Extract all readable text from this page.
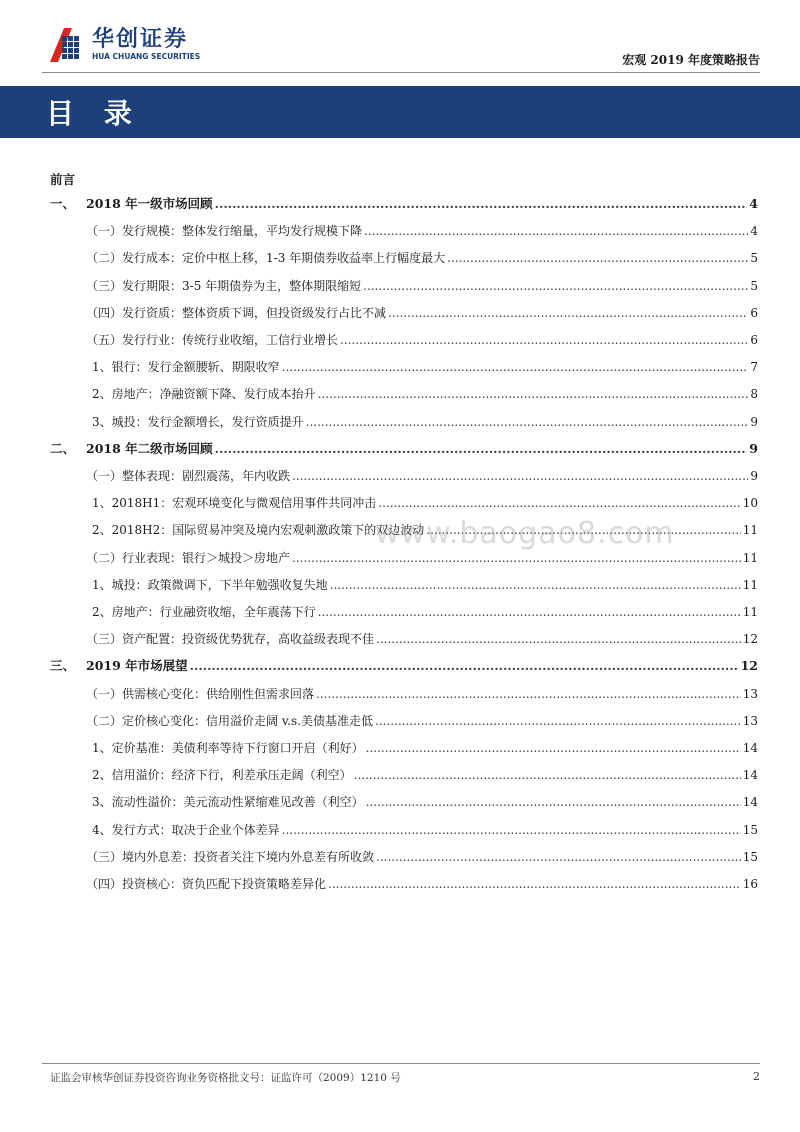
华创证券
HUA CHUANG SECURITIES	宏观 2019 年度策略报告
目 录
前言
一、 2018 年一级市场回顾 .....	4
（一）发行规模：整体发行缩量，平均发行规模下降 .....	4
（二）发行成本：定价中枢上移，1-3 年期债券收益率上行幅度最大 .....	5
（三）发行期限：3-5 年期债券为主，整体期限缩短 .....	5
（四）发行资质：整体资质下调，但投资级发行占比不减 .....	6
（五）发行行业：传统行业收缩，工信行业增长 .....	6
1、银行：发行金额腰斩、期限收窄 .....	7
2、房地产：净融资额下降、发行成本抬升 .....	8
3、城投：发行金额增长，发行资质提升 .....	9
二、 2018 年二级市场回顾 .....	9
（一）整体表现：剧烈震荡，年内收跌 .....	9
1、2018H1：宏观环境变化与微观信用事件共同冲击 .....	10
2、2018H2：国际贸易冲突及境内宏观刺激政策下的双边波动 .....	11
（二）行业表现：银行＞城投＞房地产 .....	11
1、城投：政策微调下，下半年勉强收复失地 .....	11
2、房地产：行业融资收缩，全年震荡下行 .....	11
（三）资产配置：投资级优势犹存，高收益级表现不佳 .....	12
三、 2019 年市场展望 .....	12
（一）供需核心变化：供给刚性但需求回落 .....	13
（二）定价核心变化：信用溢价走阔 v.s.美债基准走低 .....	13
1、定价基准：美债利率等待下行窗口开启（利好） .....	14
2、信用溢价：经济下行，利差承压走阔（利空） .....	14
3、流动性溢价：美元流动性紧缩难见改善（利空） .....	14
4、发行方式：取决于企业个体差异 .....	15
（三）境内外息差：投资者关注下境内外息差有所收敛 .....	15
（四）投资核心：资负匹配下投资策略差异化 .....	16
www.baogao8.com
证监会审核华创证券投资咨询业务资格批文号：证监许可（2009）1210 号	2
